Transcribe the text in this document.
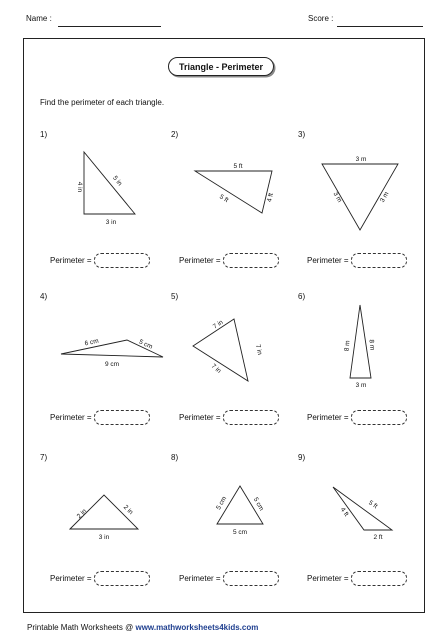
Name :	Score :
Triangle - Perimeter
Find the perimeter of each triangle.
1)	2)	3)
4)	5)	6)
7)	8)	9)
4 in	5 in
3 in
5 ft
5 ft	4 ft
3 m
3 m	3 m
6 cm	5 cm
9 cm
7 in
7 in
7 in
8 m 8 m
3 m
2 in	2 in
3 in
5 cm	5 cm
5 cm
4 ft
5 ft
2 ft
Perimeter =	Perimeter =	Perimeter =
Perimeter =	Perimeter =	Perimeter =
Perimeter =	Perimeter =	Perimeter =
Printable Math Worksheets @ www.mathworksheets4kids.com
